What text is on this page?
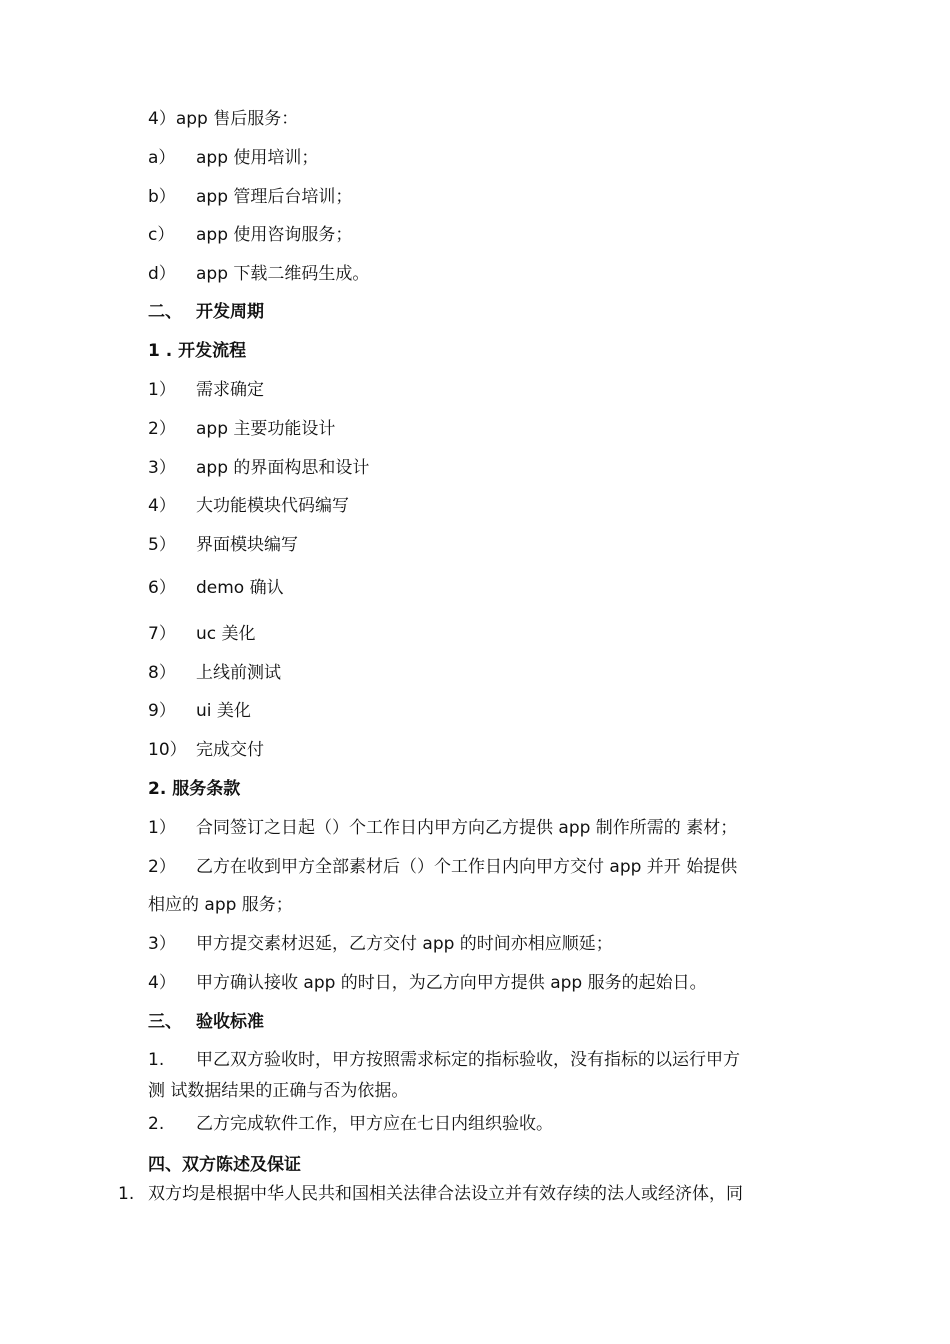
4）app 售后服务：
a） app 使用培训；
b） app 管理后台培训；
c） app 使用咨询服务；
d） app 下载二维码生成。
二、 开发周期
1 . 开发流程
1） 需求确定
2） app 主要功能设计
3） app 的界面构思和设计
4） 大功能模块代码编写
5） 界面模块编写
6） demo 确认
7） uc 美化
8） 上线前测试
9） ui 美化
10） 完成交付
2. 服务条款
1） 合同签订之日起（）个工作日内甲方向乙方提供 app 制作所需的 素材；
2） 乙方在收到甲方全部素材后（）个工作日内向甲方交付 app 并开 始提供
相应的 app 服务；
3） 甲方提交素材迟延，乙方交付 app 的时间亦相应顺延；
4） 甲方确认接收 app 的时日，为乙方向甲方提供 app 服务的起始日。
三、 验收标准
1. 甲乙双方验收时，甲方按照需求标定的指标验收，没有指标的以运行甲方
测 试数据结果的正确与否为依据。
2. 乙方完成软件工作，甲方应在七日内组织验收。
四、双方陈述及保证
1. 双方均是根据中华人民共和国相关法律合法设立并有效存续的法人或经济体，同
